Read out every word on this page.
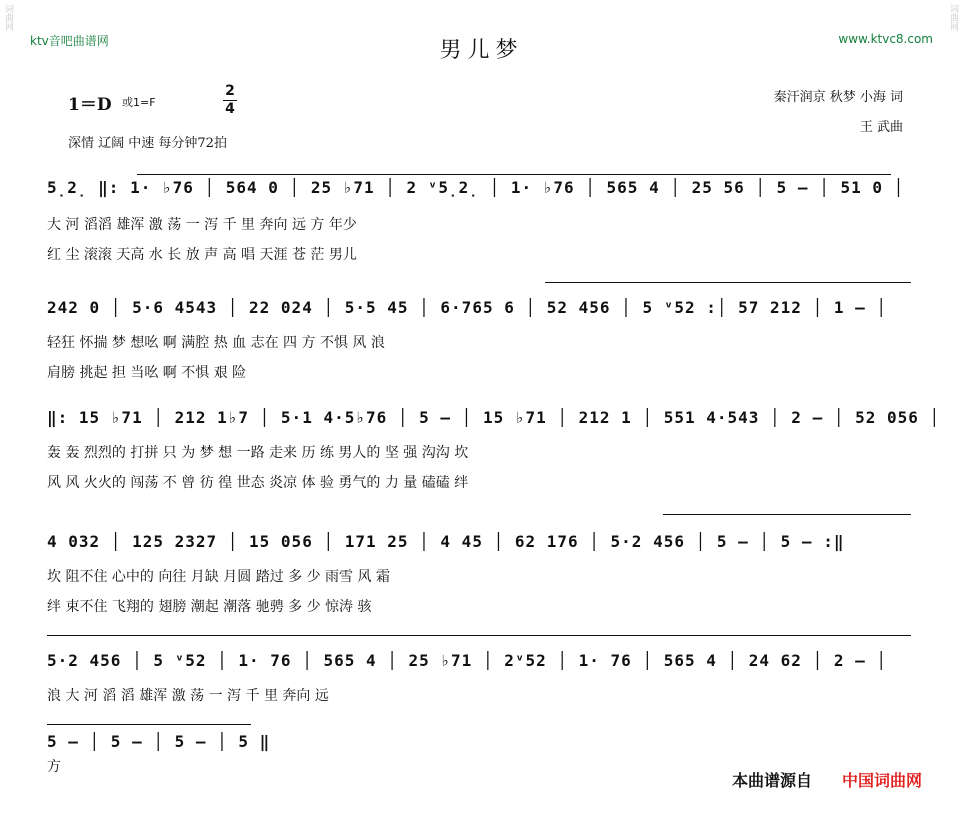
词曲网	词曲网
ktv音吧曲谱网	www.ktvc8.com
男儿梦
1＝D 或1=F
2
4
秦汗润京 秋梦 小海 词
王 武曲
深情 辽阔 中速 每分钟72拍
5̣2̣ ‖: 1· ♭76 │ 564 0 │ 25 ♭71 │ 2 ᵛ5̣2̣ │ 1· ♭76 │ 565 4 │ 25 56 │ 5 – │ 51 0 │
大 河 滔滔 雄浑 激 荡 一 泻 千 里 奔向 远 方 年少
红 尘 滚滚 天高 水 长 放 声 高 唱 天涯 苍 茫 男儿
242 0 │ 5·6 4543 │ 22 024 │ 5·5 45 │ 6·765 6 │ 52 456 │ 5 ᵛ52 :│ 57 212 │ 1 – │
轻狂 怀揣 梦 想吆 啊 满腔 热 血 志在 四 方 不惧 风 浪
肩膀 挑起 担 当吆 啊 不惧 艰 险
‖: 15 ♭71 │ 212 1♭7 │ 5·1 4·5♭76 │ 5 – │ 15 ♭71 │ 212 1 │ 551 4·543 │ 2 – │ 52 056 │
轰 轰 烈烈的 打拼 只 为 梦 想 一路 走来 历 练 男人的 坚 强 沟沟 坎
风 风 火火的 闯荡 不 曾 彷 徨 世态 炎凉 体 验 勇气的 力 量 磕磕 绊
4 032 │ 125 2327 │ 15 056 │ 171 25 │ 4 45 │ 62 176 │ 5·2 456 │ 5 – │ 5 – :‖
坎 阻不住 心中的 向往 月缺 月圆 踏过 多 少 雨雪 风 霜
绊 束不住 飞翔的 翅膀 潮起 潮落 驰骋 多 少 惊涛 骇
5·2 456 │ 5 ᵛ52 │ 1· 76 │ 565 4 │ 25 ♭71 │ 2ᵛ52 │ 1· 76 │ 565 4 │ 24 62 │ 2 – │
浪 大 河 滔 滔 雄浑 激 荡 一 泻 千 里 奔向 远
5 – │ 5 – │ 5 – │ 5 ‖
方
本曲谱源自 中国词曲网
